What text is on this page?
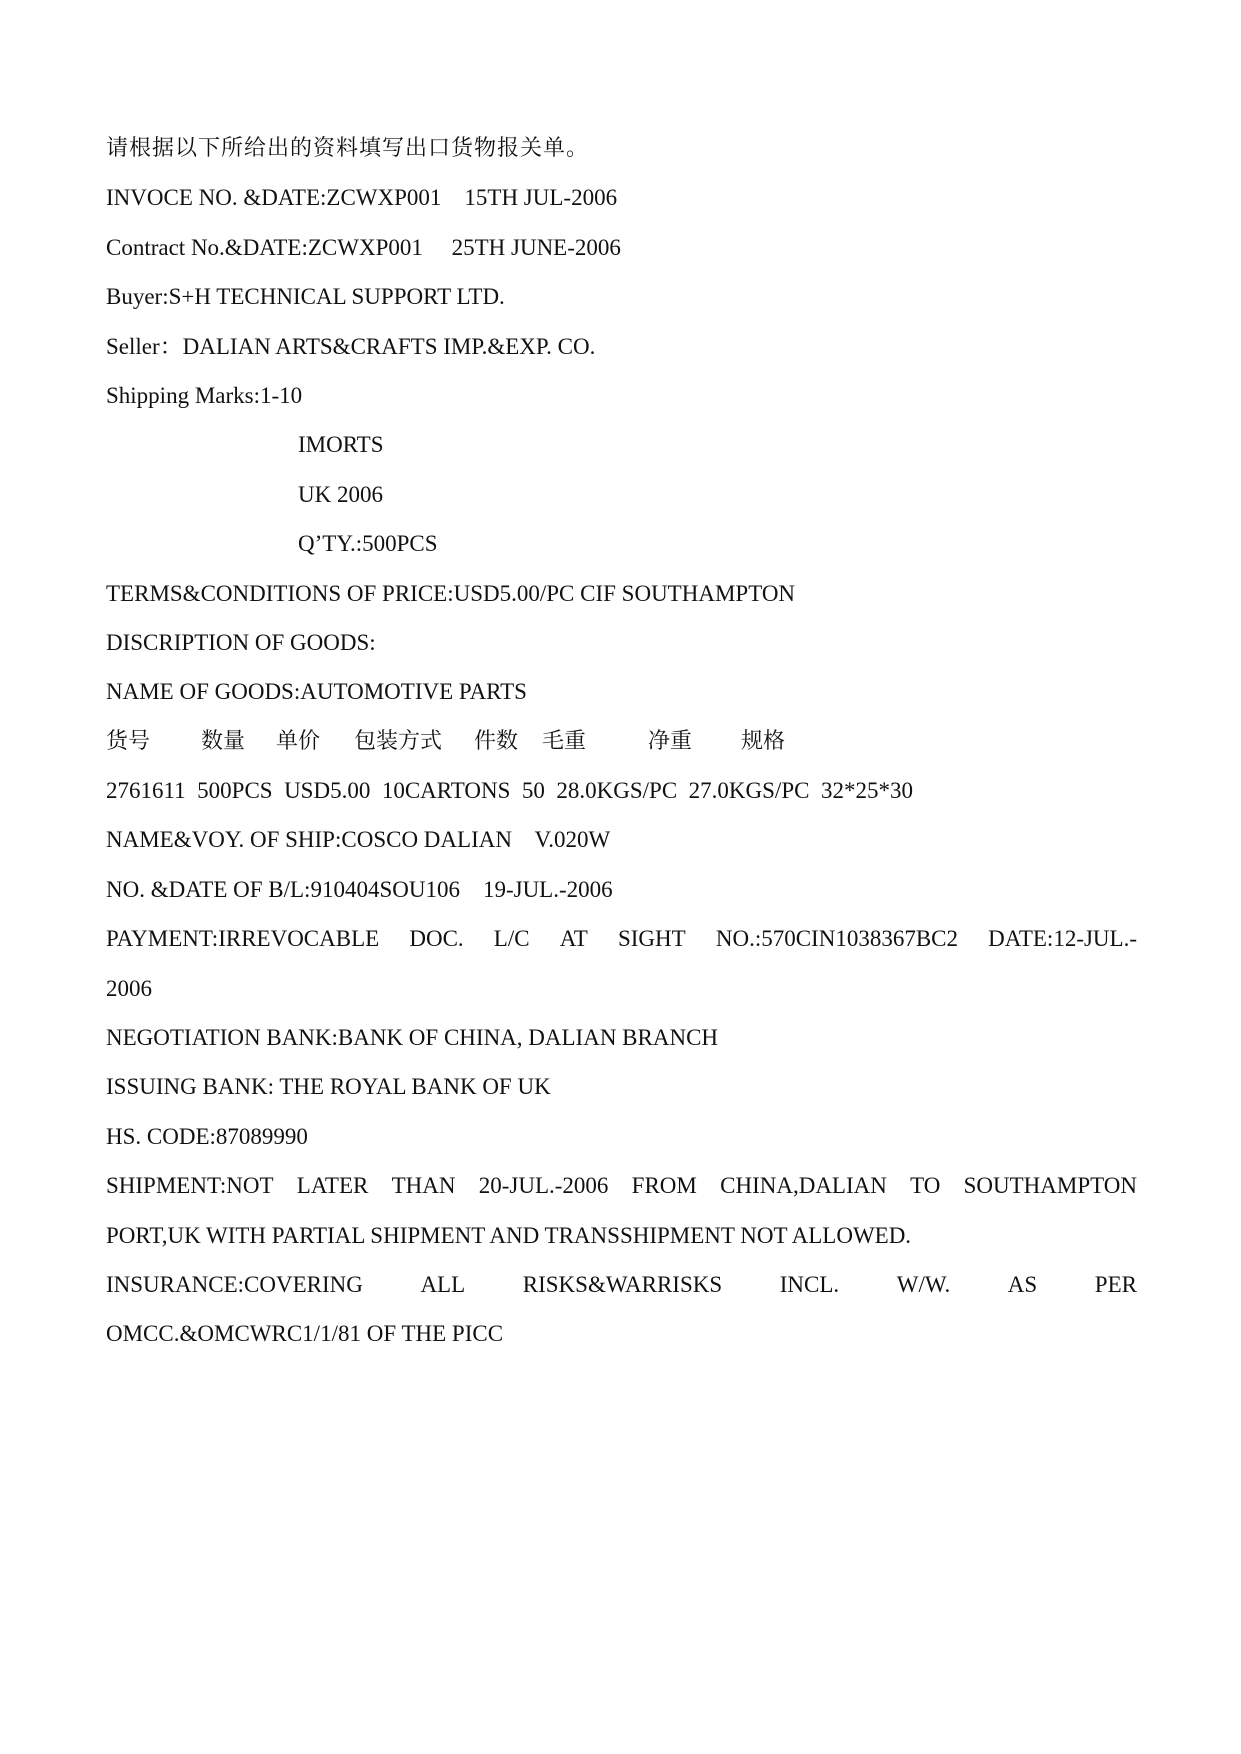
请根据以下所给出的资料填写出口货物报关单。
INVOCE NO. &DATE:ZCWXP001    15TH JUL-2006
Contract No.&DATE:ZCWXP001     25TH JUNE-2006
Buyer:S+H TECHNICAL SUPPORT LTD.
Seller：DALIAN ARTS&CRAFTS IMP.&EXP. CO.
Shipping Marks:1-10
IMORTS
UK 2006
Q’TY.:500PCS
TERMS&CONDITIONS OF PRICE:USD5.00/PC CIF SOUTHAMPTON
DISCRIPTION OF GOODS:
NAME OF GOODS:AUTOMOTIVE PARTS
货号 数量 单价 包装方式 件数 毛重	净重 规格
2761611  500PCS  USD5.00  10CARTONS  50  28.0KGS/PC  27.0KGS/PC  32*25*30
NAME&VOY. OF SHIP:COSCO DALIAN    V.020W
NO. &DATE OF B/L:910404SOU106    19-JUL.-2006
PAYMENT:IRREVOCABLE DOC. L/C AT SIGHT NO.:570CIN1038367BC2 DATE:12-JUL.-
2006
NEGOTIATION BANK:BANK OF CHINA, DALIAN BRANCH
ISSUING BANK: THE ROYAL BANK OF UK
HS. CODE:87089990
SHIPMENT:NOT LATER THAN 20-JUL.-2006 FROM CHINA,DALIAN TO SOUTHAMPTON
PORT,UK WITH PARTIAL SHIPMENT AND TRANSSHIPMENT NOT ALLOWED.
INSURANCE:COVERING	ALL	RISKS&WARRISKS	INCL.	W/W.	AS	PER
OMCC.&OMCWRC1/1/81 OF THE PICC
